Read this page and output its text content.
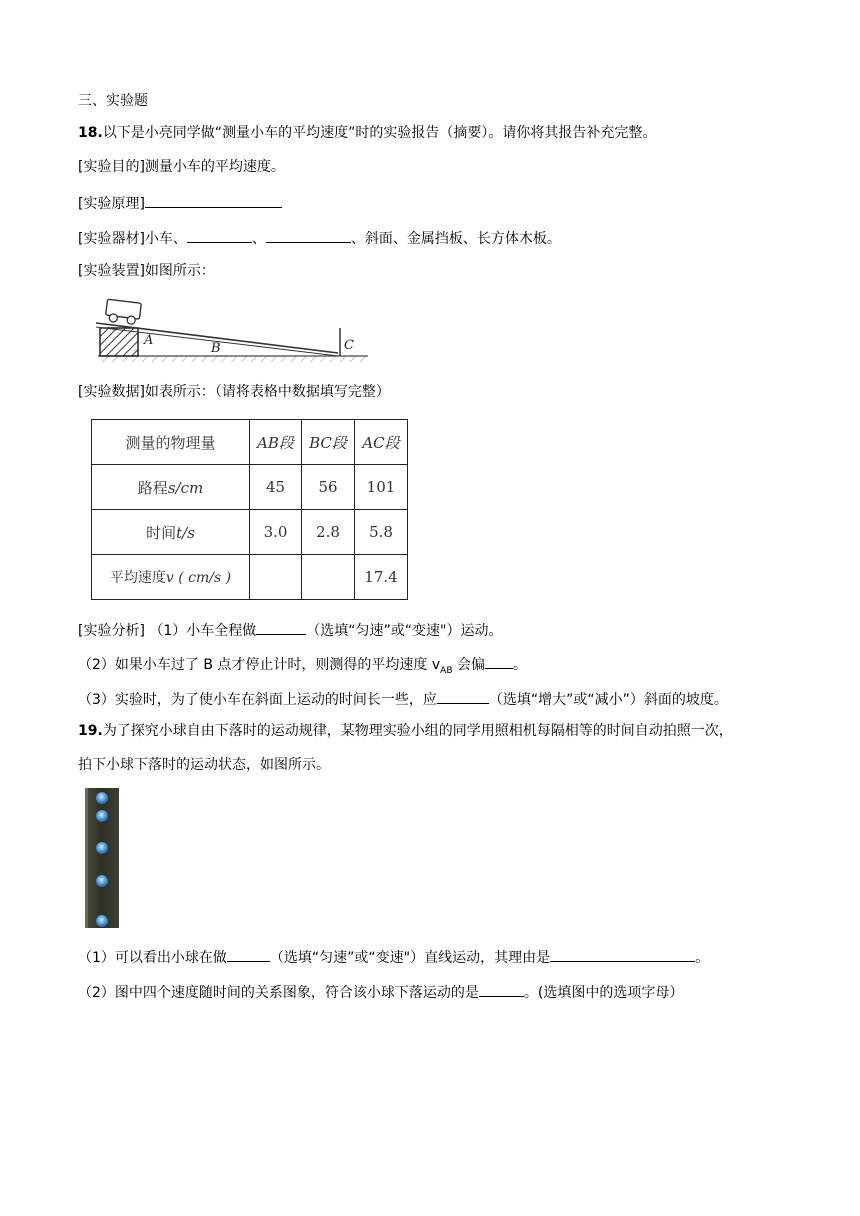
三、实验题
18.以下是小亮同学做“测量小车的平均速度”时的实验报告（摘要）。请你将其报告补充完整。
[实验目的]测量小车的平均速度。
[实验原理]
[实验器材]小车、	、	、斜面、金属挡板、长方体木板。
[实验装置]如图所示：
A
B	C
[实验数据]如表所示：（请将表格中数据填写完整）
测量的物理量	AB段	BC段	AC段
路程s/cm	45	56	101
时间t/s	3.0	2.8	5.8
平均速度v ( cm/s )			17.4
[实验分析] （1）小车全程做	（选填“匀速”或“变速"）运动。
（2）如果小车过了 B 点才停止计时，则测得的平均速度 $v_{AB}$ 会偏 。
（3）实验时，为了使小车在斜面上运动的时间长一些，应	（选填“增大”或“减小”）斜面的坡度。
19.为了探究小球自由下落时的运动规律，某物理实验小组的同学用照相机每隔相等的时间自动拍照一次，
拍下小球下落时的运动状态，如图所示。
（1）可以看出小球在做	（选填“匀速”或“变速"）直线运动，其理由是	。
（2）图中四个速度随时间的关系图象，符合该小球下落运动的是	。(选填图中的选项字母）
